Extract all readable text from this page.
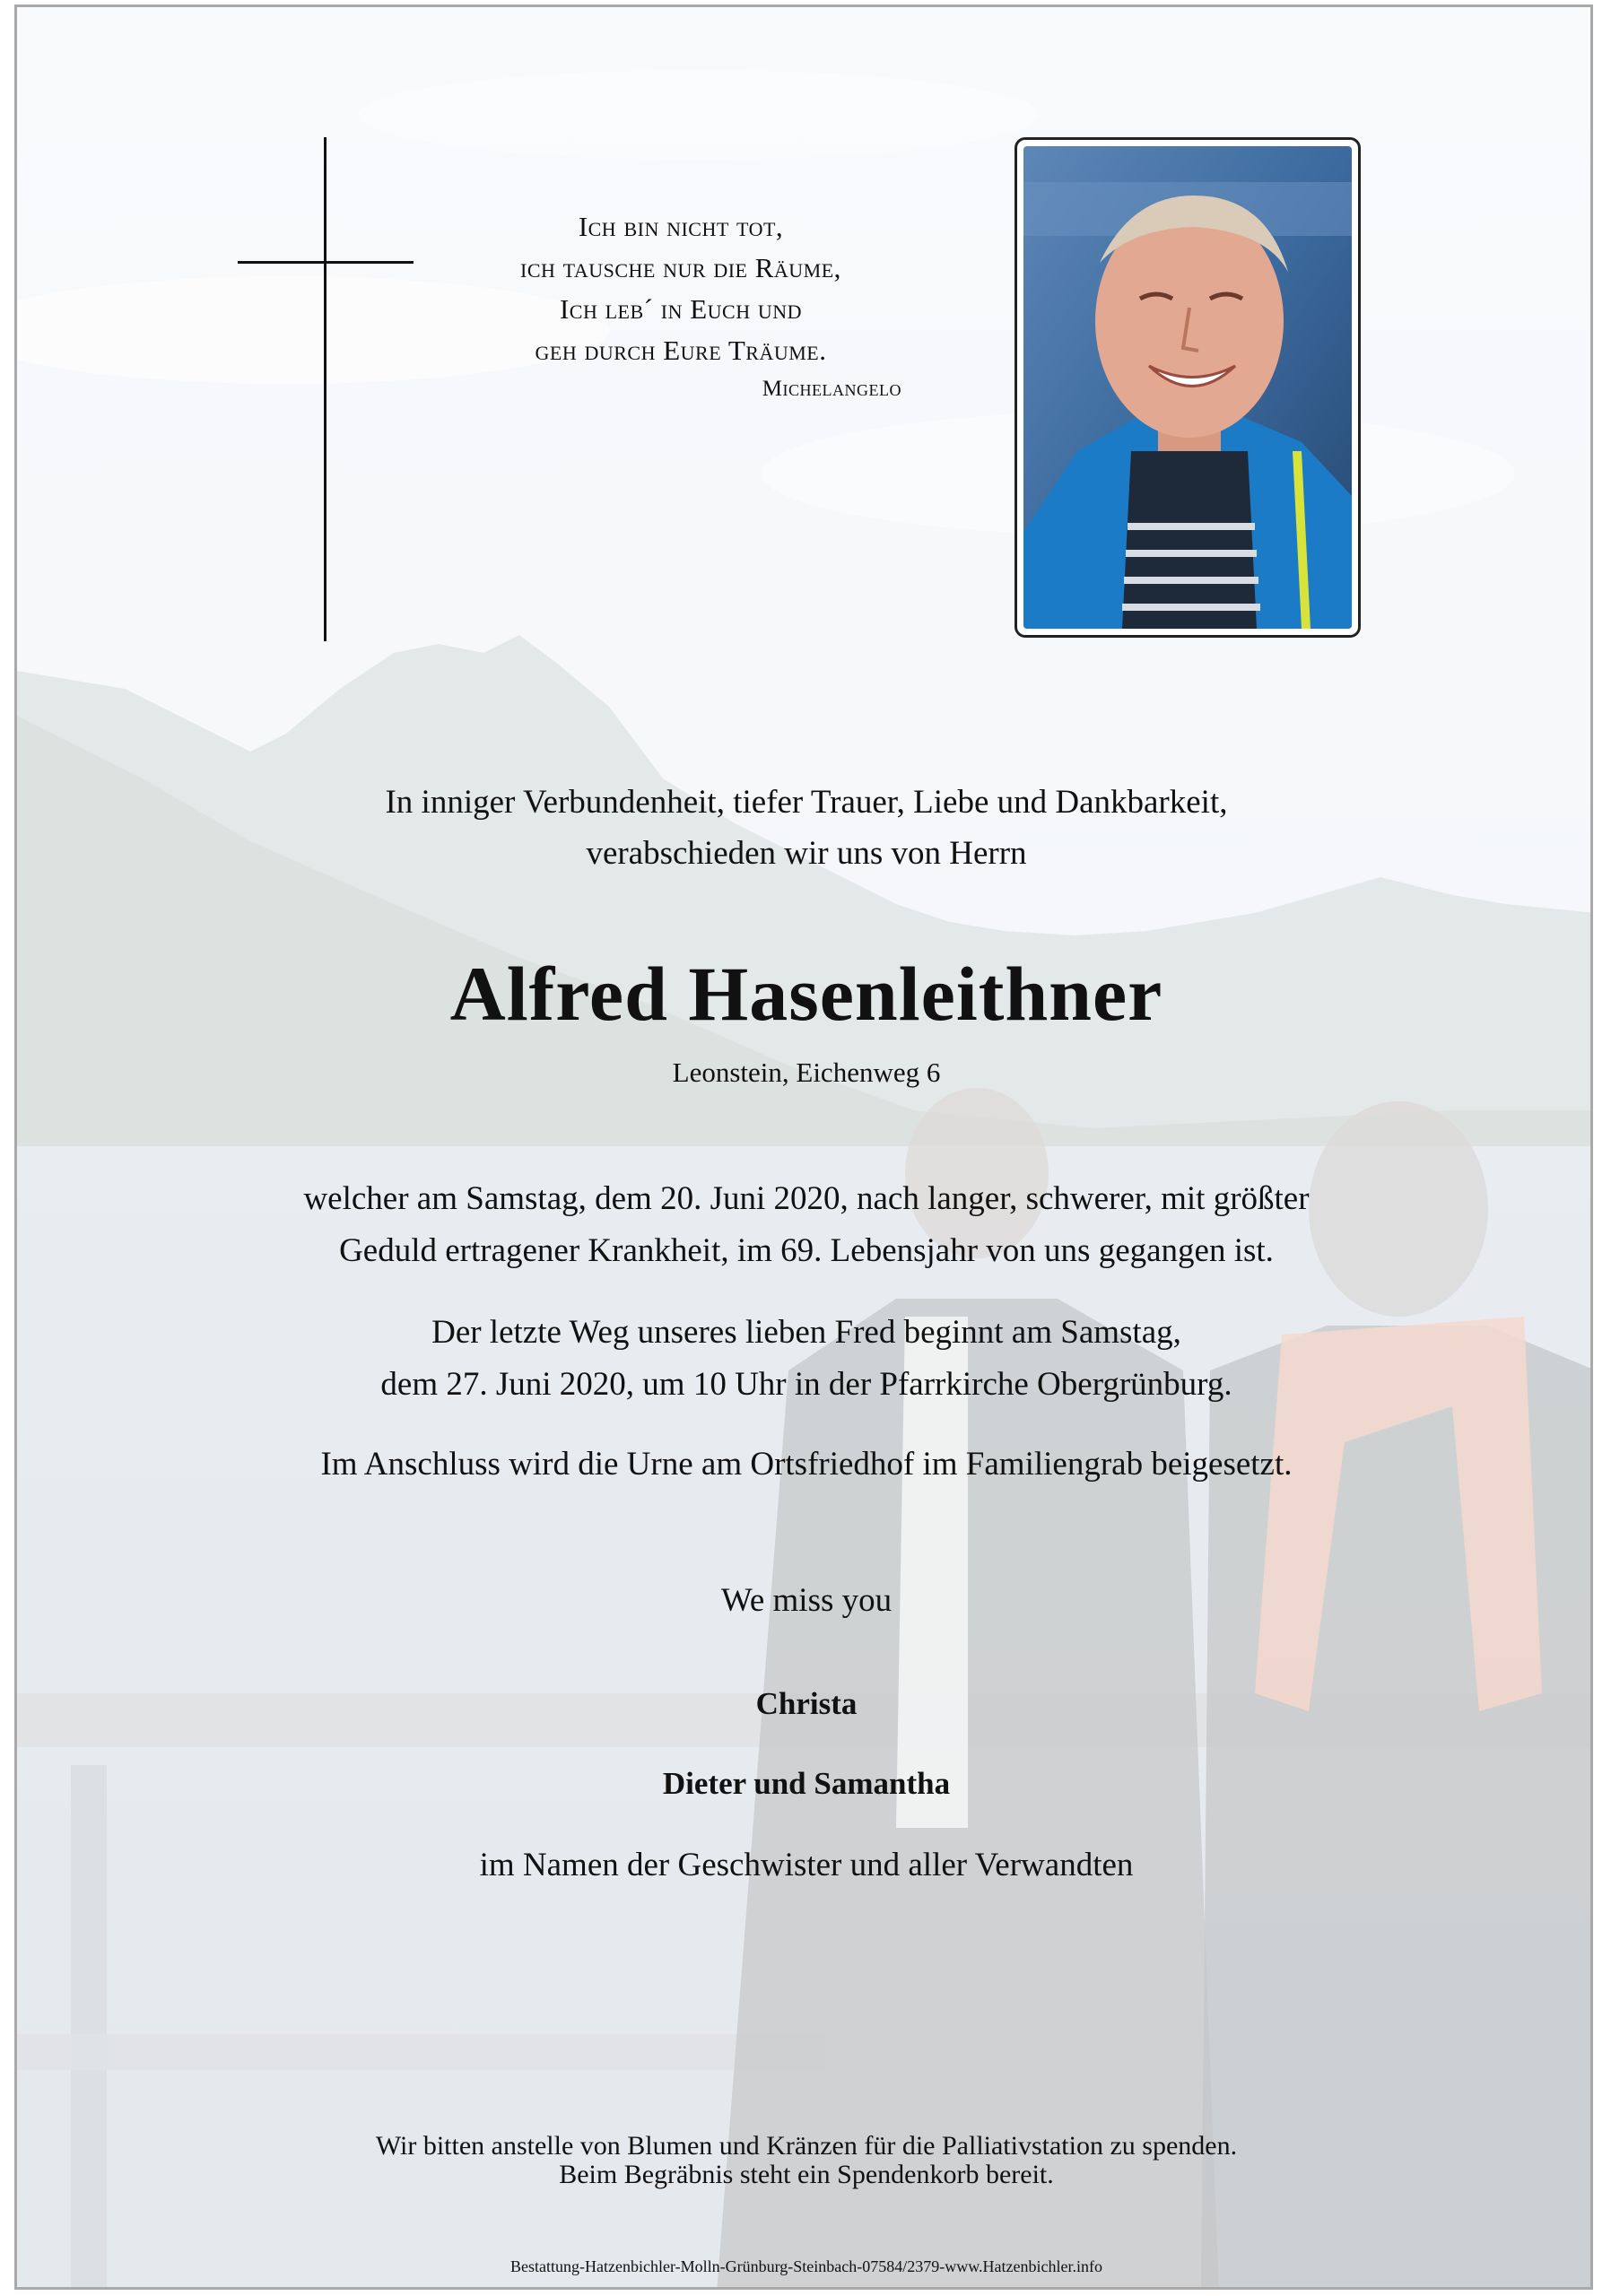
Ich bin nicht tot,
ich tausche nur die Räume,
Ich leb´ in Euch und
geh durch Eure Träume.
Michelangelo
In inniger Verbundenheit, tiefer Trauer, Liebe und Dankbarkeit,
verabschieden wir uns von Herrn
Alfred Hasenleithner
Leonstein, Eichenweg 6
welcher am Samstag, dem 20. Juni 2020, nach langer, schwerer, mit größter
Geduld ertragener Krankheit, im 69. Lebensjahr von uns gegangen ist.
Der letzte Weg unseres lieben Fred beginnt am Samstag,
dem 27. Juni 2020, um 10 Uhr in der Pfarrkirche Obergrünburg.
Im Anschluss wird die Urne am Ortsfriedhof im Familiengrab beigesetzt.
We miss you
Christa
Dieter und Samantha
im Namen der Geschwister und aller Verwandten
Wir bitten anstelle von Blumen und Kränzen für die Palliativstation zu spenden.
Beim Begräbnis steht ein Spendenkorb bereit.
Bestattung-Hatzenbichler-Molln-Grünburg-Steinbach-07584/2379-www.Hatzenbichler.info
